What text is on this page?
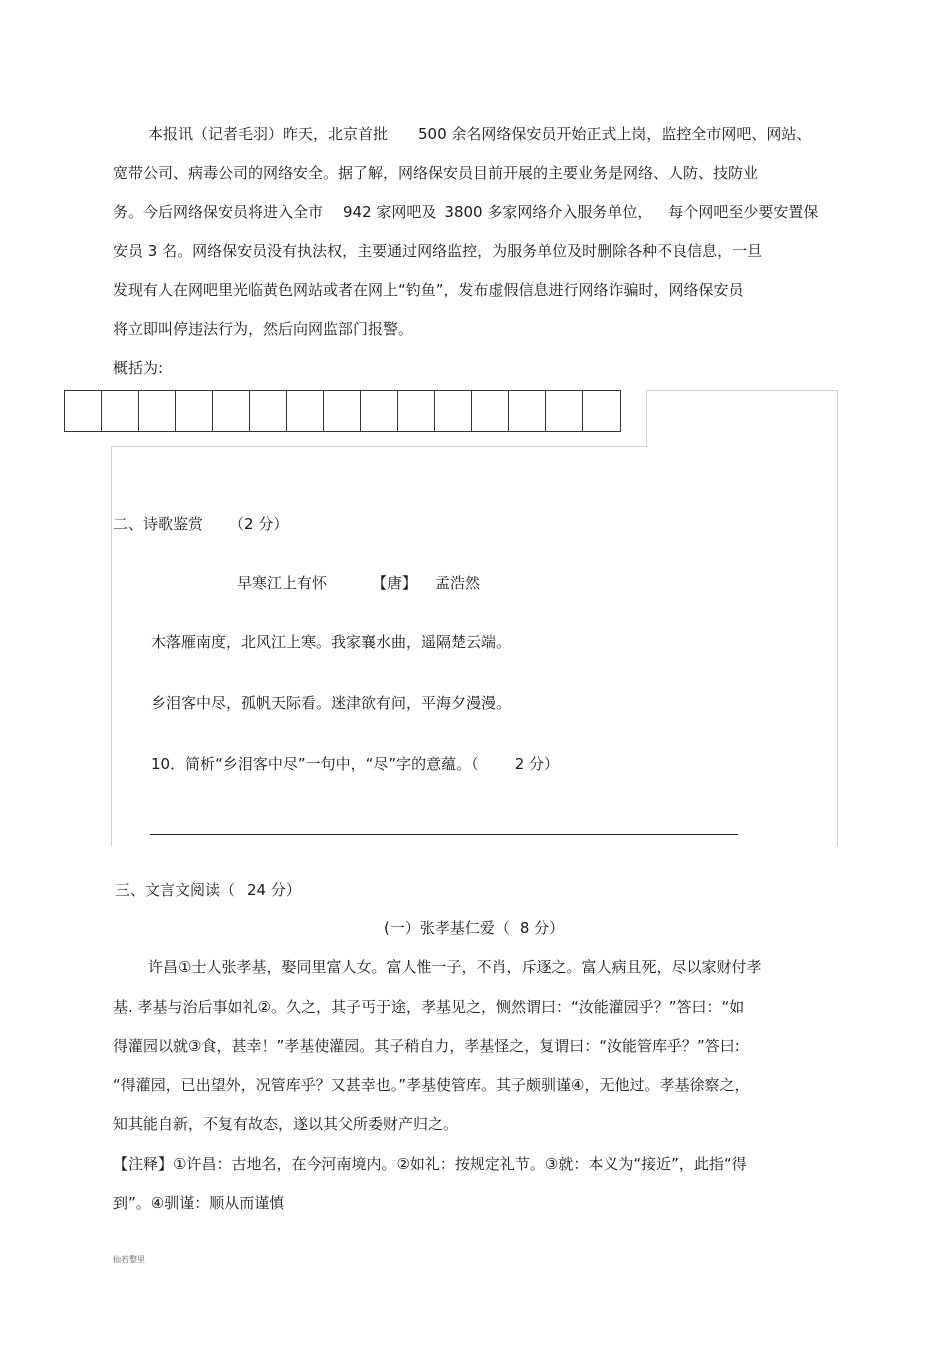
本报讯（记者毛羽）昨天，北京首批 500 余名网络保安员开始正式上岗，监控全市网吧、网站、
宽带公司、病毒公司的网络安全。据了解，网络保安员目前开展的主要业务是网络、人防、技防业
务。今后网络保安员将进入全市 942 家网吧及 3800 多家网络介入服务单位， 每个网吧至少要安置保
安员 3 名。网络保安员没有执法权，主要通过网络监控，为服务单位及时删除各种不良信息，一旦
发现有人在网吧里光临黄色网站或者在网上“钓鱼”，发布虚假信息进行网络诈骗时，网络保安员
将立即叫停违法行为，然后向网监部门报警。
概括为:
二、诗歌鉴赏 （2 分）
早寒江上有怀	【唐】 孟浩然
木落雁南度，北风江上寒。我家襄水曲，遥隔楚云端。
乡泪客中尽，孤帆天际看。迷津欲有问，平海夕漫漫。
10．简析“乡泪客中尽”一句中，“尽”字的意蕴。（ 2 分）
三、文言文阅读（ 24 分）
(一）张孝基仁爱（ 8 分）
许昌①士人张孝基，娶同里富人女。富人惟一子，不肖，斥逐之。富人病且死，尽以家财付孝
基. 孝基与治后事如礼②。久之，其子丐于途，孝基见之，恻然谓曰：“汝能灌园乎？”答曰：“如
得灌园以就③食，甚幸！”孝基使灌园。其子稍自力，孝基怪之，复谓曰：“汝能管库乎？”答曰:
“得灌园，已出望外，况管库乎？又甚幸也。”孝基使管库。其子颇驯谨④，无他过。孝基徐察之，
知其能自新，不复有故态，遂以其父所委财产归之。
【注释】①许昌：古地名，在今河南境内。②如礼：按规定礼节。③就：本义为“接近”，此指“得
到”。④驯谨：顺从而谨慎
仙若整里
